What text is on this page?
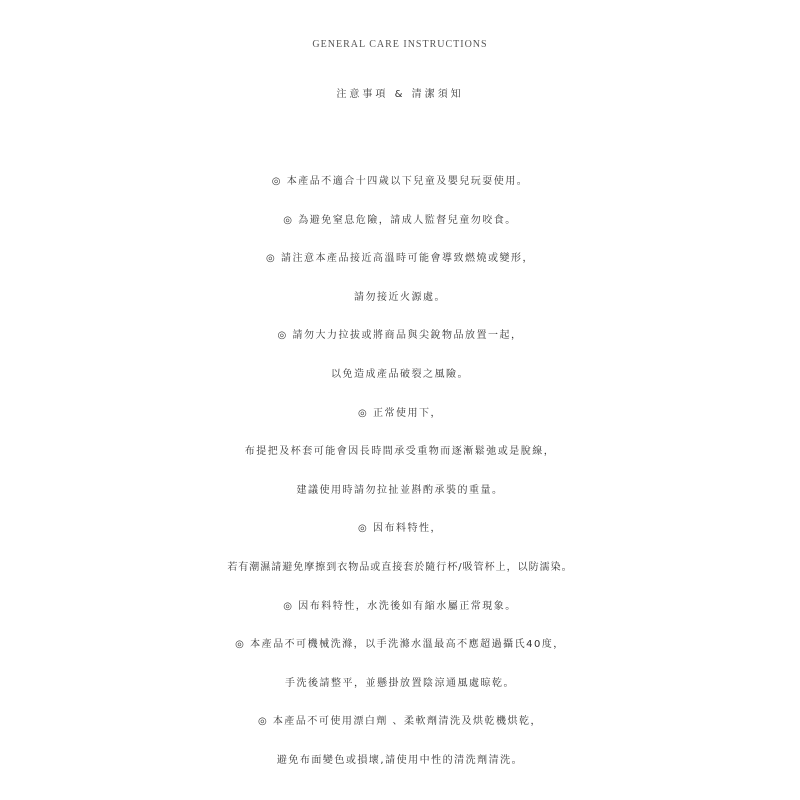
GENERAL CARE INSTRUCTIONS
注意事項 & 清潔須知
◎ 本產品不適合十四歲以下兒童及嬰兒玩耍使用。
◎ 為避免窒息危險，請成人監督兒童勿咬食。
◎ 請注意本產品接近高溫時可能會導致燃燒或變形，
請勿接近火源處。
◎ 請勿大力拉拔或將商品與尖銳物品放置一起，
以免造成產品破裂之風險。
◎ 正常使用下，
布提把及杯套可能會因長時間承受重物而逐漸鬆弛或是脫線，
建議使用時請勿拉扯並斟酌承裝的重量。
◎ 因布料特性，
若有潮濕請避免摩擦到衣物品或直接套於隨行杯/吸管杯上，以防濡染。
◎ 因布料特性，水洗後如有縮水屬正常現象。
◎ 本產品不可機械洗滌，以手洗滌水溫最高不應超過攝氏40度，
手洗後請整平，並懸掛放置陰涼通風處晾乾。
◎ 本產品不可使用漂白劑 、柔軟劑清洗及烘乾機烘乾，
避免布面變色或損壞,請使用中性的清洗劑清洗。
